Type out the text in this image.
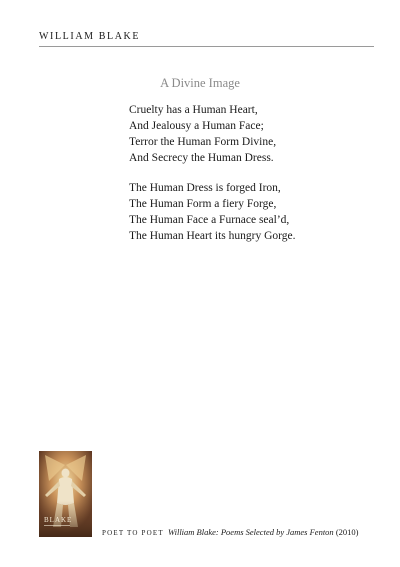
WILLIAM BLAKE
A Divine Image
Cruelty has a Human Heart,
And Jealousy a Human Face;
Terror the Human Form Divine,
And Secrecy the Human Dress.
The Human Dress is forged Iron,
The Human Form a fiery Forge,
The Human Face a Furnace seal’d,
The Human Heart its hungry Gorge.
BLAKE
POET TO POET William Blake: Poems Selected by James Fenton (2010)
